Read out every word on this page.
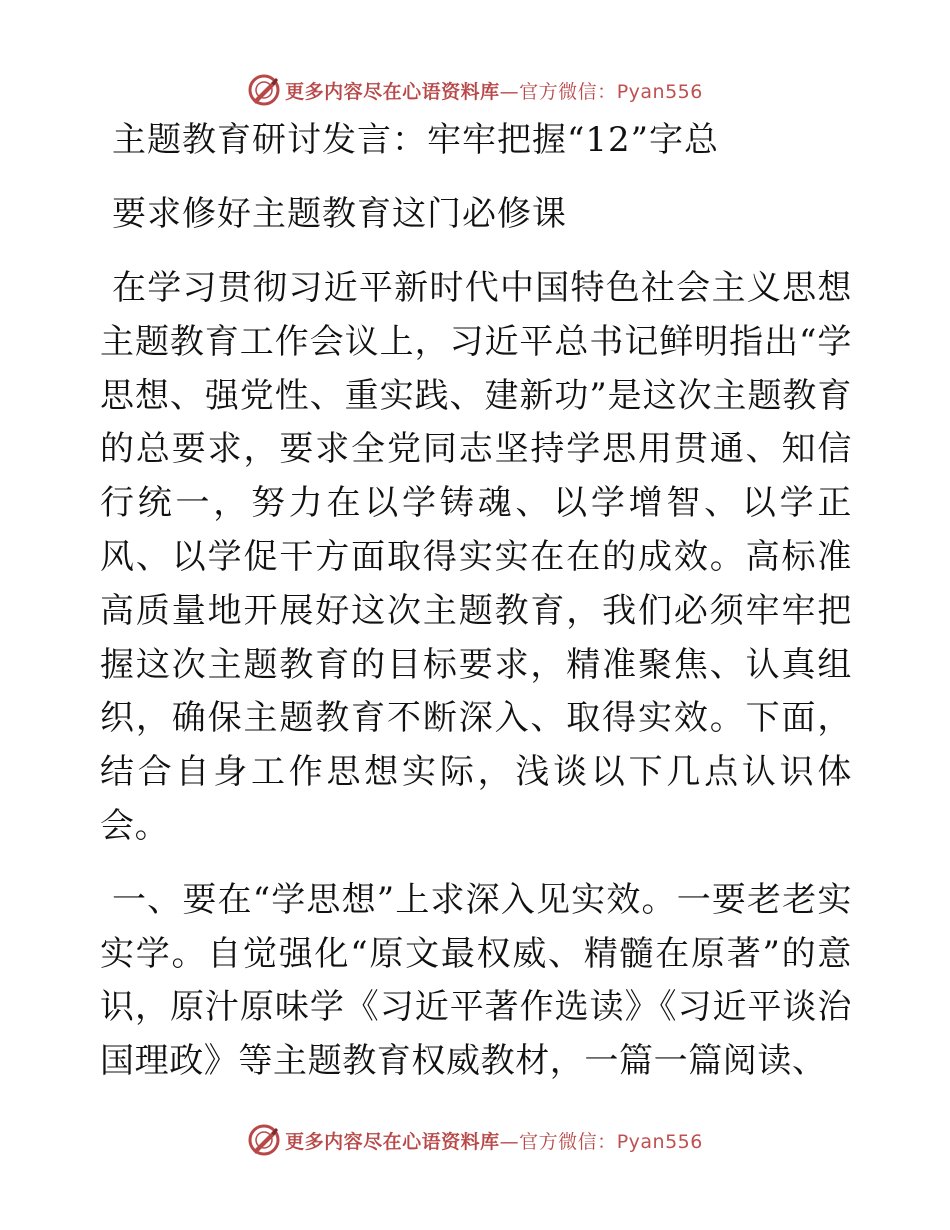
更多内容尽在心语资料库—官方微信：Pyan556
主题教育研讨发言：牢牢把握“12”字总
要求修好主题教育这门必修课

在学习贯彻习近平新时代中国特色社会主义思想主题教育工作会议上，习近平总书记鲜明指出“学思想、强党性、重实践、建新功”是这次主题教育的总要求，要求全党同志坚持学思用贯通、知信行统一，努力在以学铸魂、以学增智、以学正风、以学促干方面取得实实在在的成效。高标准高质量地开展好这次主题教育，我们必须牢牢把握这次主题教育的目标要求，精准聚焦、认真组织，确保主题教育不断深入、取得实效。下面，结合自身工作思想实际，浅谈以下几点认识体会。

一、要在“学思想”上求深入见实效。一要老老实实学。自觉强化“原文最权威、精髓在原著”的意识，原汁原味学《习近平著作选读》《习近平谈治国理政》等主题教育权威教材，一篇一篇阅读、

更多内容尽在心语资料库—官方微信：Pyan556
